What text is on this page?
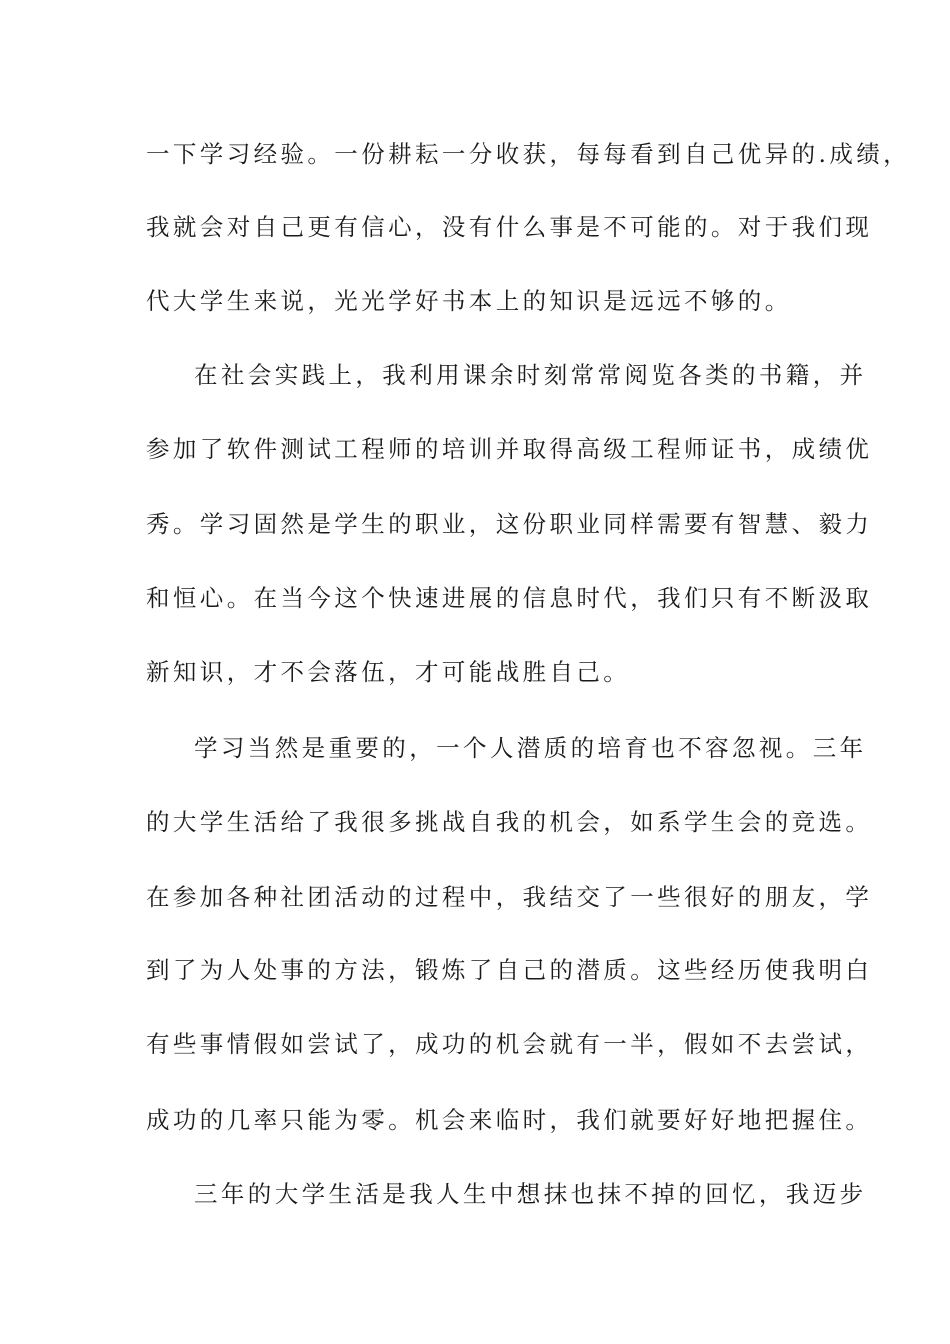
一下学习经验。一份耕耘一分收获，每每看到自己优异的.成绩，
我就会对自己更有信心，没有什么事是不可能的。对于我们现
代大学生来说，光光学好书本上的知识是远远不够的。
在社会实践上，我利用课余时刻常常阅览各类的书籍，并
参加了软件测试工程师的培训并取得高级工程师证书，成绩优
秀。学习固然是学生的职业，这份职业同样需要有智慧、毅力
和恒心。在当今这个快速进展的信息时代，我们只有不断汲取
新知识，才不会落伍，才可能战胜自己。
学习当然是重要的，一个人潜质的培育也不容忽视。三年
的大学生活给了我很多挑战自我的机会，如系学生会的竞选。
在参加各种社团活动的过程中，我结交了一些很好的朋友，学
到了为人处事的方法，锻炼了自己的潜质。这些经历使我明白
有些事情假如尝试了，成功的机会就有一半，假如不去尝试，
成功的几率只能为零。机会来临时，我们就要好好地把握住。
三年的大学生活是我人生中想抹也抹不掉的回忆，我迈步
